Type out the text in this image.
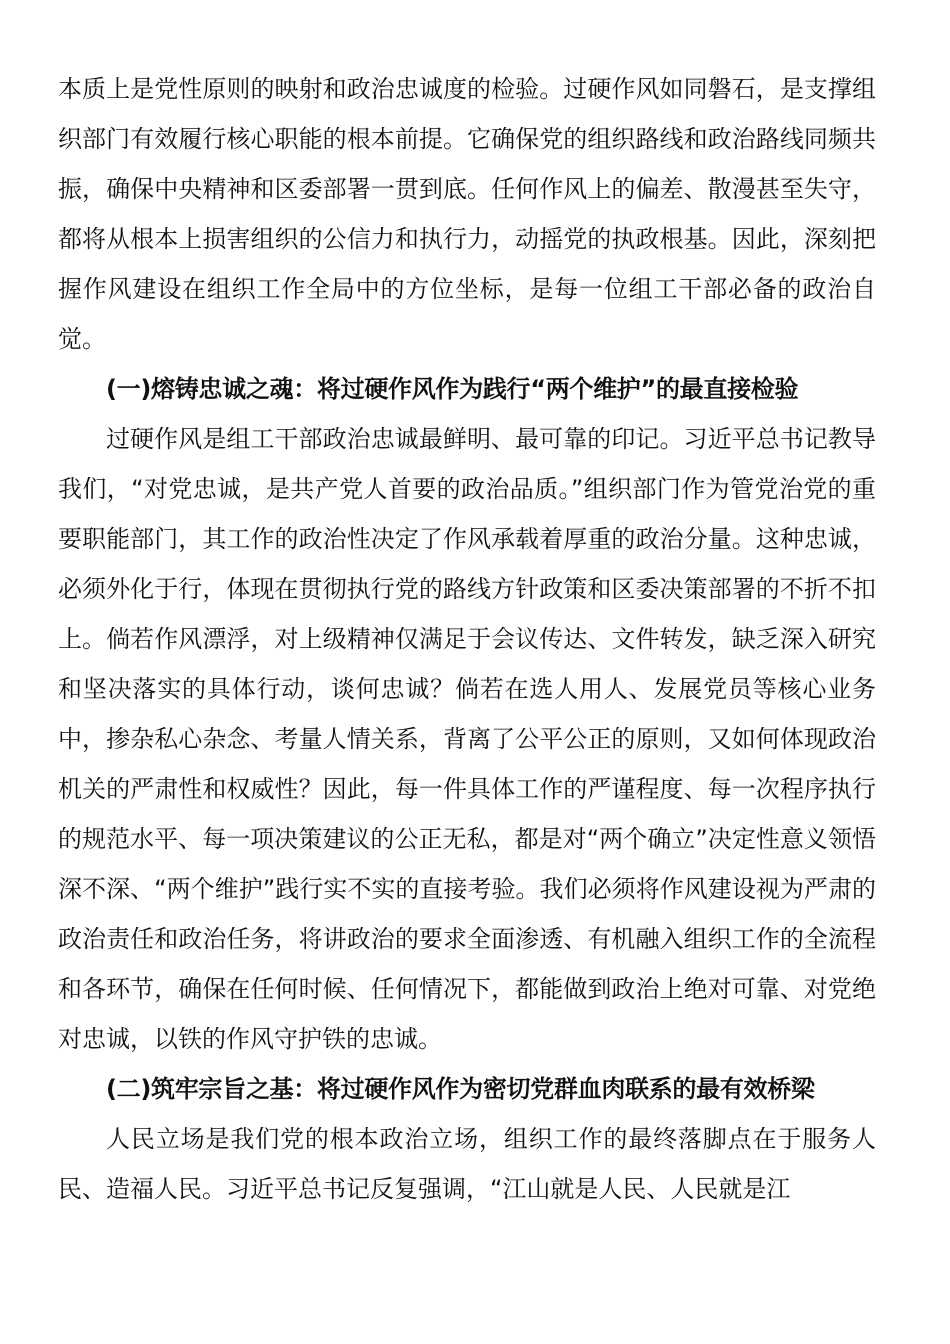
本质上是党性原则的映射和政治忠诚度的检验。过硬作风如同磐石，是支撑组织部门有效履行核心职能的根本前提。它确保党的组织路线和政治路线同频共振，确保中央精神和区委部署一贯到底。任何作风上的偏差、散漫甚至失守，都将从根本上损害组织的公信力和执行力，动摇党的执政根基。因此，深刻把握作风建设在组织工作全局中的方位坐标，是每一位组工干部必备的政治自觉。

(一)熔铸忠诚之魂：将过硬作风作为践行“两个维护”的最直接检验

过硬作风是组工干部政治忠诚最鲜明、最可靠的印记。习近平总书记教导我们，“对党忠诚，是共产党人首要的政治品质。”组织部门作为管党治党的重要职能部门，其工作的政治性决定了作风承载着厚重的政治分量。这种忠诚，必须外化于行，体现在贯彻执行党的路线方针政策和区委决策部署的不折不扣上。倘若作风漂浮，对上级精神仅满足于会议传达、文件转发，缺乏深入研究和坚决落实的具体行动，谈何忠诚？倘若在选人用人、发展党员等核心业务中，掺杂私心杂念、考量人情关系，背离了公平公正的原则，又如何体现政治机关的严肃性和权威性？因此，每一件具体工作的严谨程度、每一次程序执行的规范水平、每一项决策建议的公正无私，都是对“两个确立”决定性意义领悟深不深、“两个维护”践行实不实的直接考验。我们必须将作风建设视为严肃的政治责任和政治任务，将讲政治的要求全面渗透、有机融入组织工作的全流程和各环节，确保在任何时候、任何情况下，都能做到政治上绝对可靠、对党绝对忠诚，以铁的作风守护铁的忠诚。

(二)筑牢宗旨之基：将过硬作风作为密切党群血肉联系的最有效桥梁

人民立场是我们党的根本政治立场，组织工作的最终落脚点在于服务人民、造福人民。习近平总书记反复强调，“江山就是人民、人民就是江
